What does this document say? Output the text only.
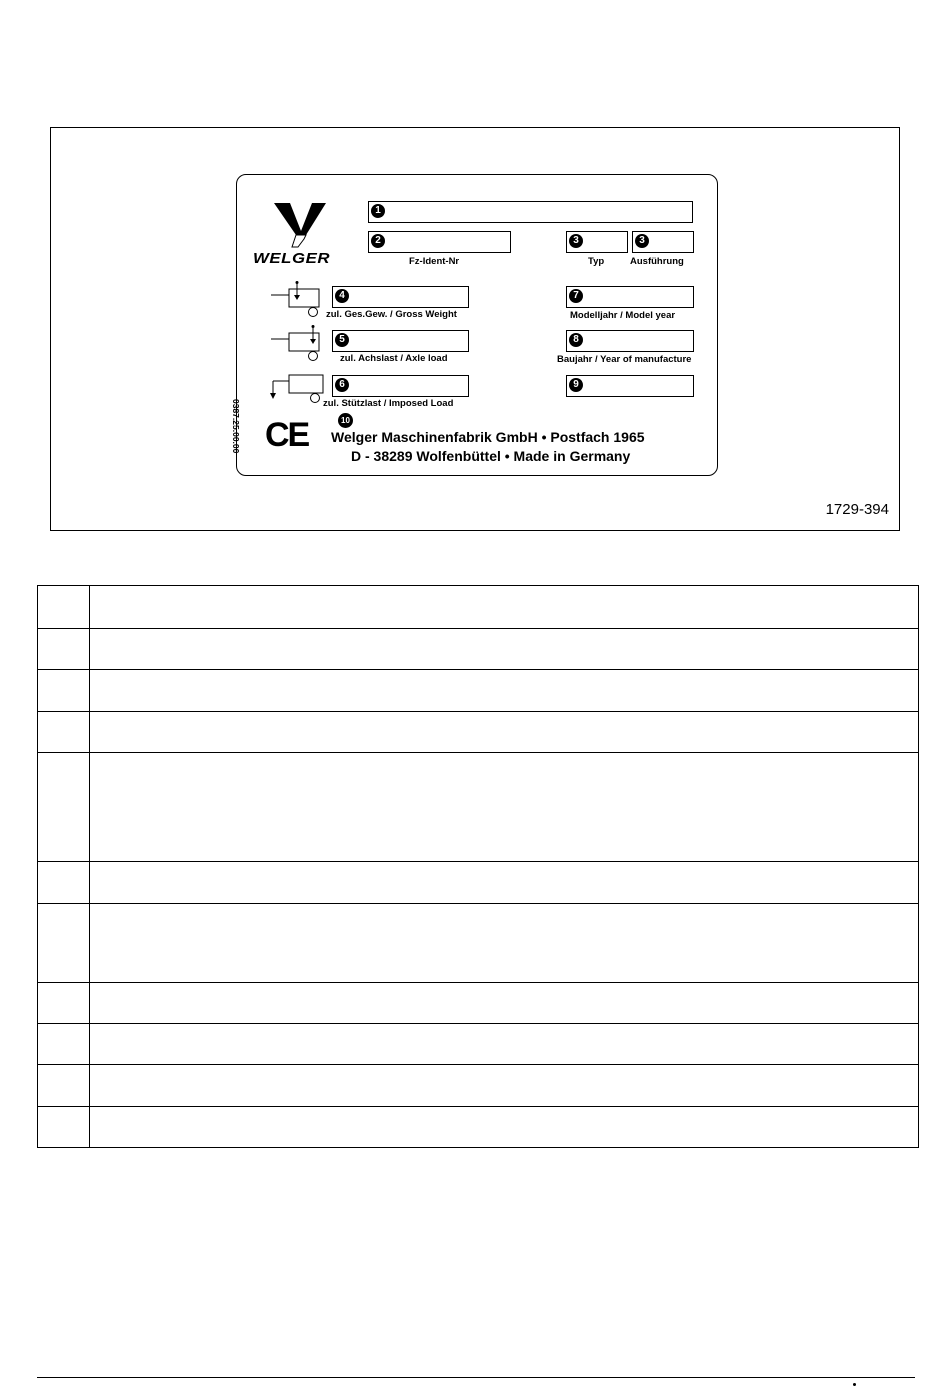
WELGER
1
2
Fz-Ident-Nr
3
Typ
3
Ausführung
4
zul. Ges.Gew. / Gross Weight
7
Modelljahr / Model year
5
zul. Achslast / Axle load
8
Baujahr / Year of manufacture
6
zul. Stützlast / Imposed Load
9
10
0387.25.00.00 CE Welger Maschinenfabrik GmbH • Postfach 1965
D - 38289 Wolfenbüttel • Made in Germany
1729-394
